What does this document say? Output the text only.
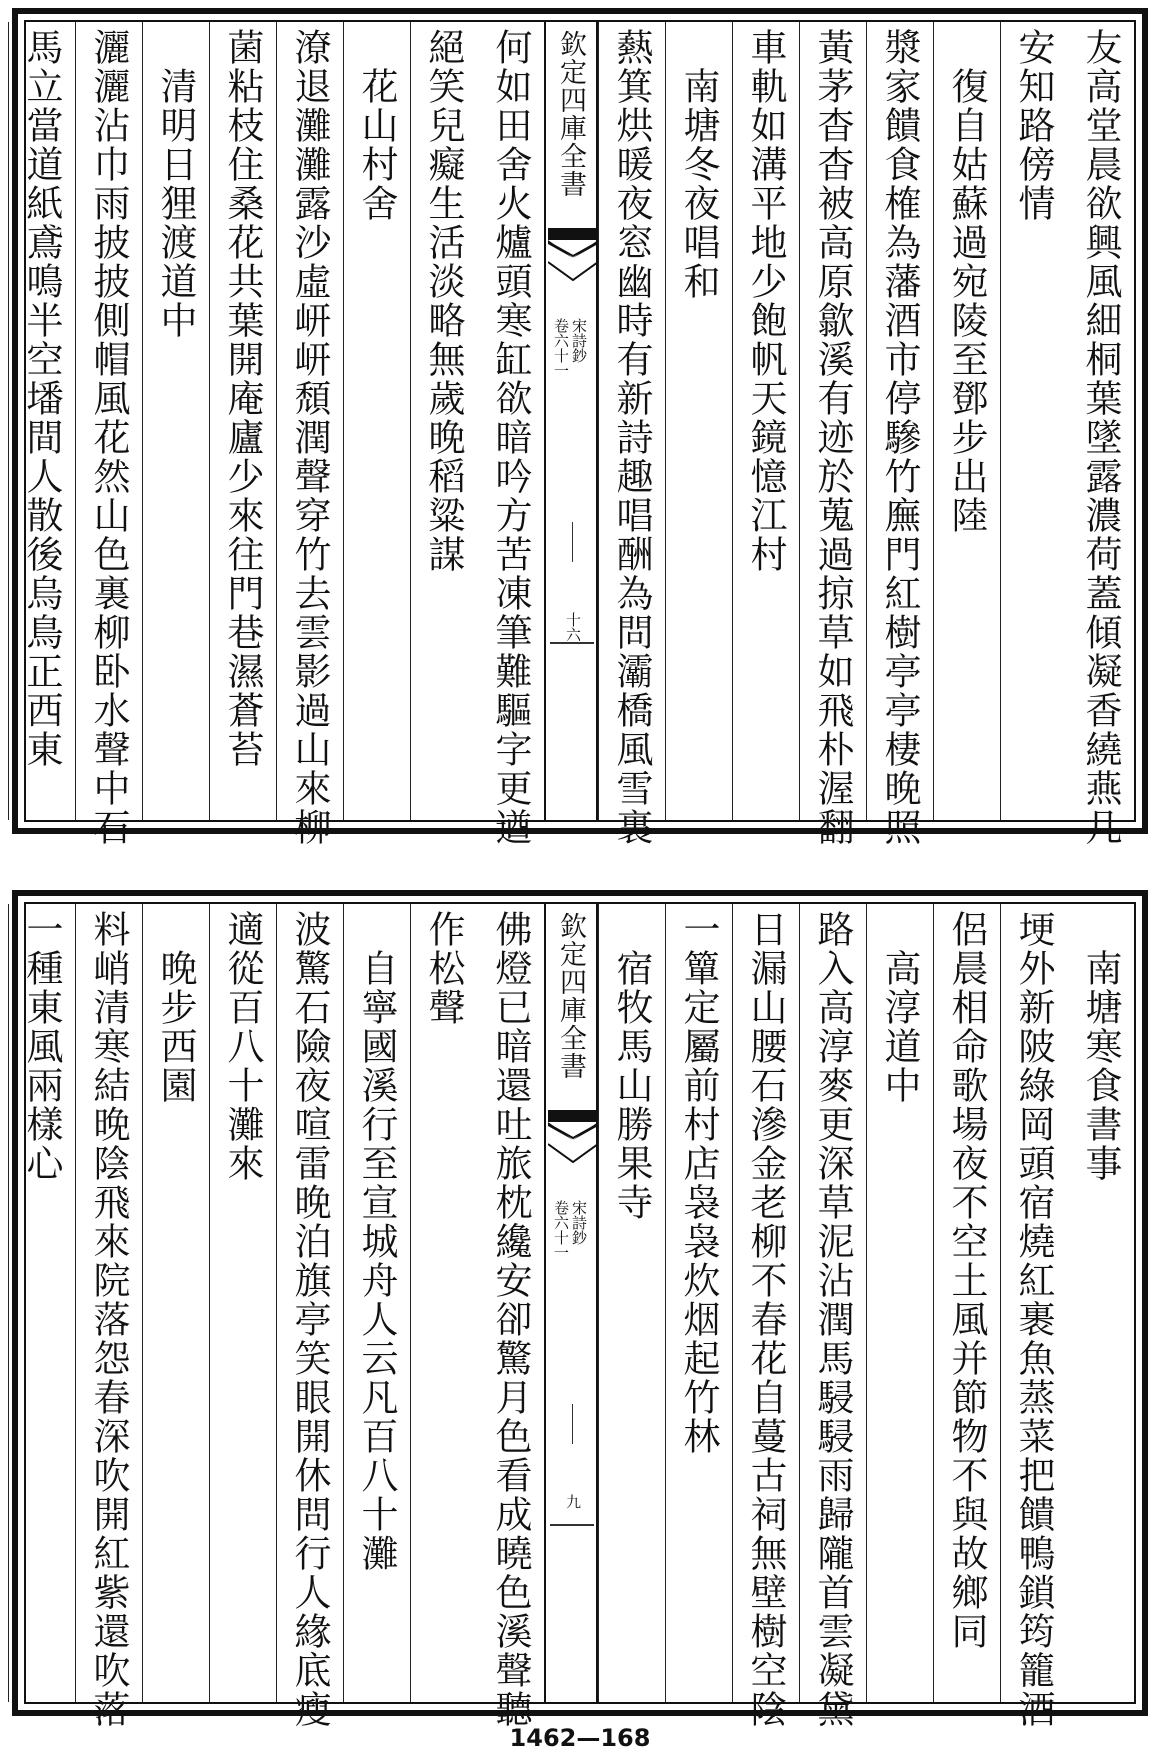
友高堂晨欲興風細桐葉墜露濃荷蓋傾凝香繞燕几
安知路傍情
　復自姑蘇過宛陵至鄧步出陸
漿家饋食榷為藩酒市停驂竹廡門紅樹亭亭棲晚照
黃茅杳杳被高原歙溪有迹於蒐過掠草如飛朴渥翻
車軌如溝平地少飽帆天鏡憶江村
　南塘冬夜唱和
爇箕烘暖夜窓幽時有新詩趣唱酬為問灞橋風雪裏
欽定四庫全書
宋詩鈔
卷六十一
十六
何如田舍火爐頭寒缸欲暗吟方苦凍筆難驅字更遒
絕笑兒癡生活淡略無歲晚稻粱謀
　花山村舍
潦退灘灘露沙虛岍岍頹潤聲穿竹去雲影過山來柳
菌粘枝住桑花共葉開庵廬少來往門巷濕蒼苔
　清明日狸渡道中
灑灑沾巾雨披披側帽風花然山色裏柳卧水聲中石
馬立當道紙鳶鳴半空墦間人散後烏鳥正西東
　南塘寒食書事
埂外新陂綠岡頭宿燒紅裹魚蒸菜把饋鴨鎖筠籠酒
侶晨相命歌場夜不空土風并節物不與故鄉同
　高淳道中
路入高淳麥更深草泥沾潤馬駸駸雨歸隴首雲凝黛
日漏山腰石滲金老柳不春花自蔓古祠無壁樹空陰
一簞定屬前村店袅袅炊烟起竹林
　宿牧馬山勝果寺
欽定四庫全書
宋詩鈔
卷六十一
九
佛燈已暗還吐旅枕纔安卻驚月色看成曉色溪聲聽
作松聲
　自寧國溪行至宣城舟人云凡百八十灘
波驚石險夜喧雷晚泊旗亭笑眼開休問行人緣底瘦
適從百八十灘來
　晚步西園
料峭清寒結晚陰飛來院落怨春深吹開紅紫還吹落
一種東風兩樣心
1462—168
